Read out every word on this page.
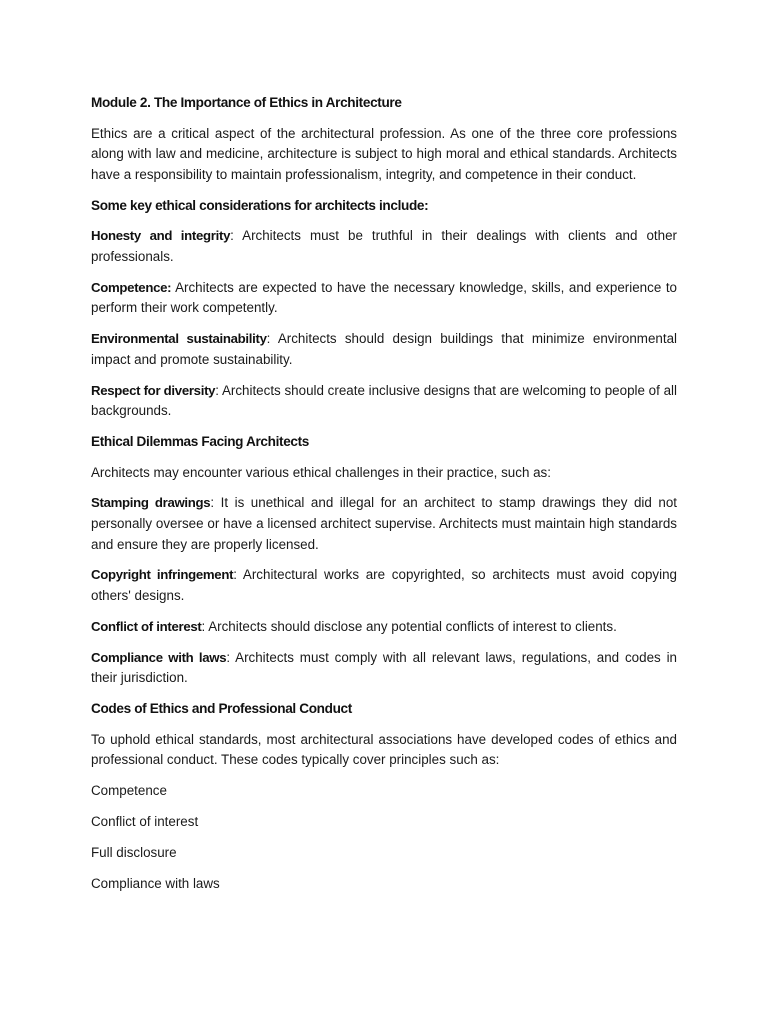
Module 2. The Importance of Ethics in Architecture

Ethics are a critical aspect of the architectural profession. As one of the three core professions along with law and medicine, architecture is subject to high moral and ethical standards. Architects have a responsibility to maintain professionalism, integrity, and competence in their conduct.

Some key ethical considerations for architects include:

Honesty and integrity: Architects must be truthful in their dealings with clients and other professionals.

Competence: Architects are expected to have the necessary knowledge, skills, and experience to perform their work competently.

Environmental sustainability: Architects should design buildings that minimize environmental impact and promote sustainability.

Respect for diversity: Architects should create inclusive designs that are welcoming to people of all backgrounds.

Ethical Dilemmas Facing Architects

Architects may encounter various ethical challenges in their practice, such as:

Stamping drawings: It is unethical and illegal for an architect to stamp drawings they did not personally oversee or have a licensed architect supervise. Architects must maintain high standards and ensure they are properly licensed.

Copyright infringement: Architectural works are copyrighted, so architects must avoid copying others' designs.

Conflict of interest: Architects should disclose any potential conflicts of interest to clients.

Compliance with laws: Architects must comply with all relevant laws, regulations, and codes in their jurisdiction.

Codes of Ethics and Professional Conduct

To uphold ethical standards, most architectural associations have developed codes of ethics and professional conduct. These codes typically cover principles such as:

Competence
Conflict of interest
Full disclosure
Compliance with laws
